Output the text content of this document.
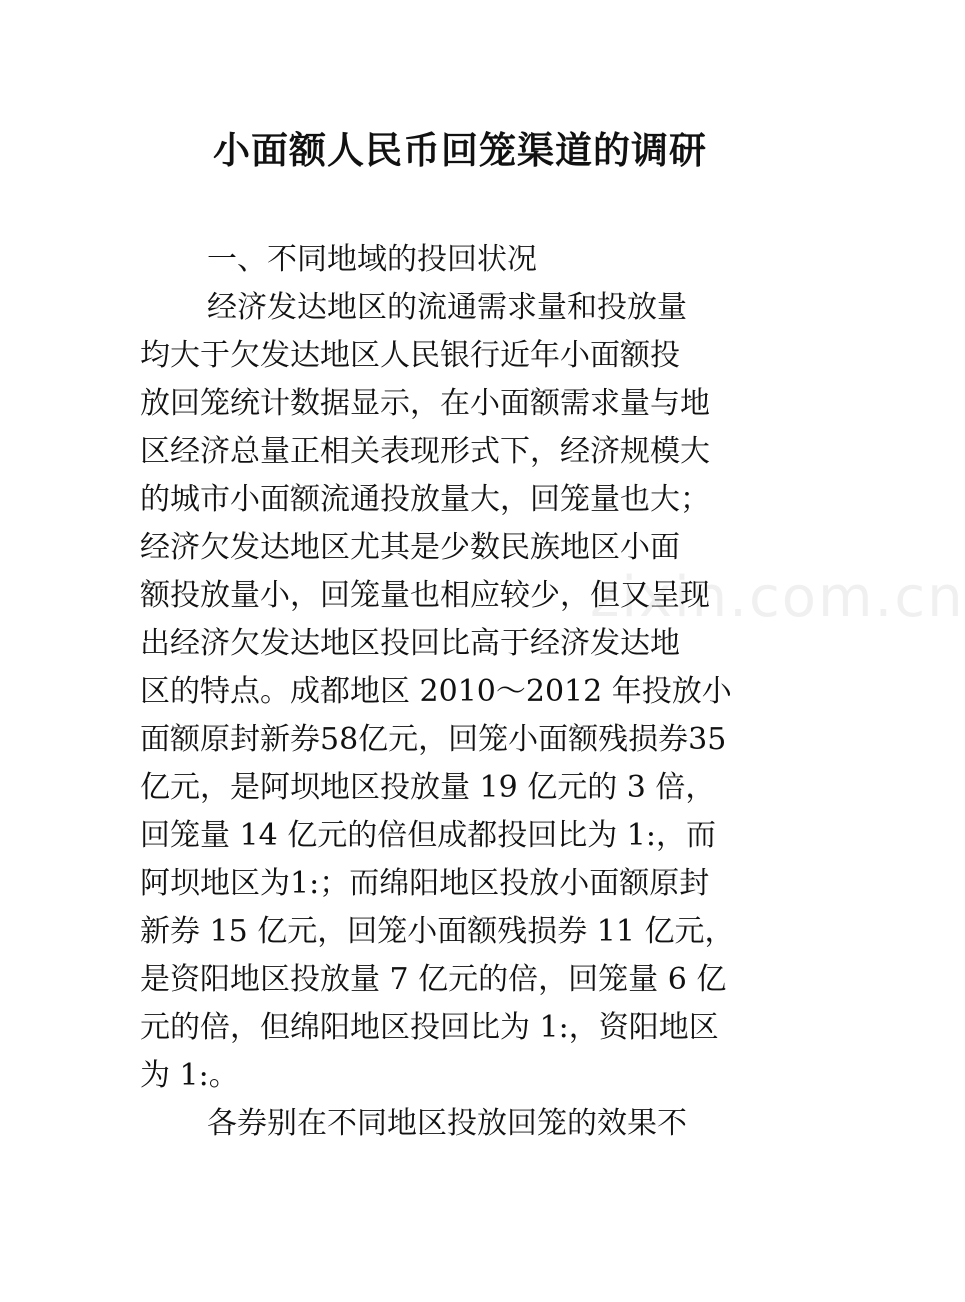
小面额人民币回笼渠道的调研
zixin.com.cn
一、不同地域的投回状况
经济发达地区的流通需求量和投放量
均大于欠发达地区人民银行近年小面额投
放回笼统计数据显示，在小面额需求量与地
区经济总量正相关表现形式下，经济规模大
的城市小面额流通投放量大，回笼量也大；
经济欠发达地区尤其是少数民族地区小面
额投放量小，回笼量也相应较少，但又呈现
出经济欠发达地区投回比高于经济发达地
区的特点。成都地区 2010～2012 年投放小
面额原封新券58亿元，回笼小面额残损券35
亿元，是阿坝地区投放量 19 亿元的 3 倍，
回笼量 14 亿元的倍但成都投回比为 1:，而
阿坝地区为1:；而绵阳地区投放小面额原封
新券 15 亿元，回笼小面额残损券 11 亿元，
是资阳地区投放量 7 亿元的倍，回笼量 6 亿
元的倍，但绵阳地区投回比为 1:，资阳地区
为 1:。
各券别在不同地区投放回笼的效果不
